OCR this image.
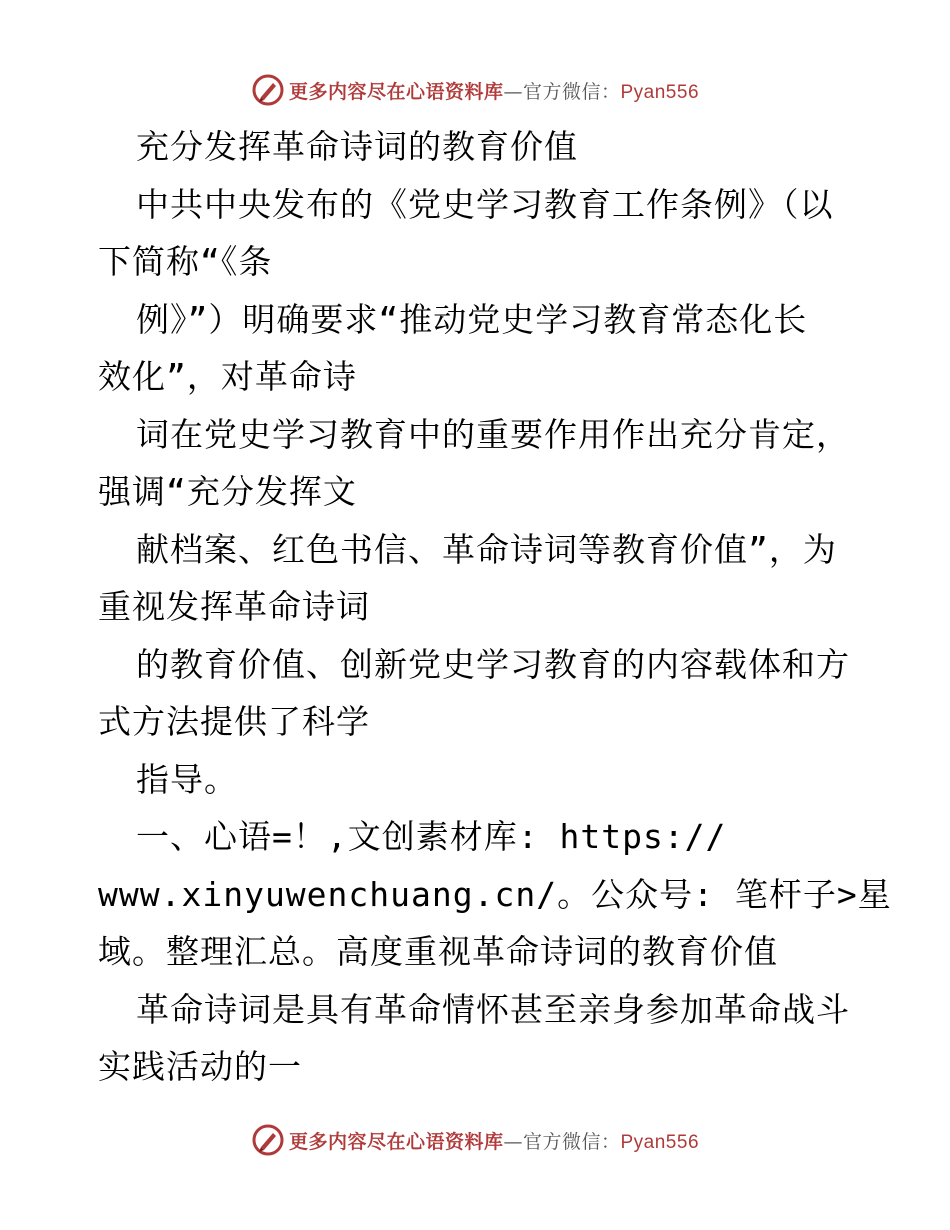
更多内容尽在心语资料库—官方微信：Pyan556
充分发挥革命诗词的教育价值
中共中央发布的《党史学习教育工作条例》（以
下简称“《条
例》”）明确要求“推动党史学习教育常态化长
效化”，对革命诗
词在党史学习教育中的重要作用作出充分肯定，
强调“充分发挥文
献档案、红色书信、革命诗词等教育价值”，为
重视发挥革命诗词
的教育价值、创新党史学习教育的内容载体和方
式方法提供了科学
指导。
一、心语=！,文创素材库: https://
www.xinyuwenchuang.cn/。公众号: 笔杆子>星
域。整理汇总。高度重视革命诗词的教育价值
革命诗词是具有革命情怀甚至亲身参加革命战斗
实践活动的一
更多内容尽在心语资料库—官方微信：Pyan556
